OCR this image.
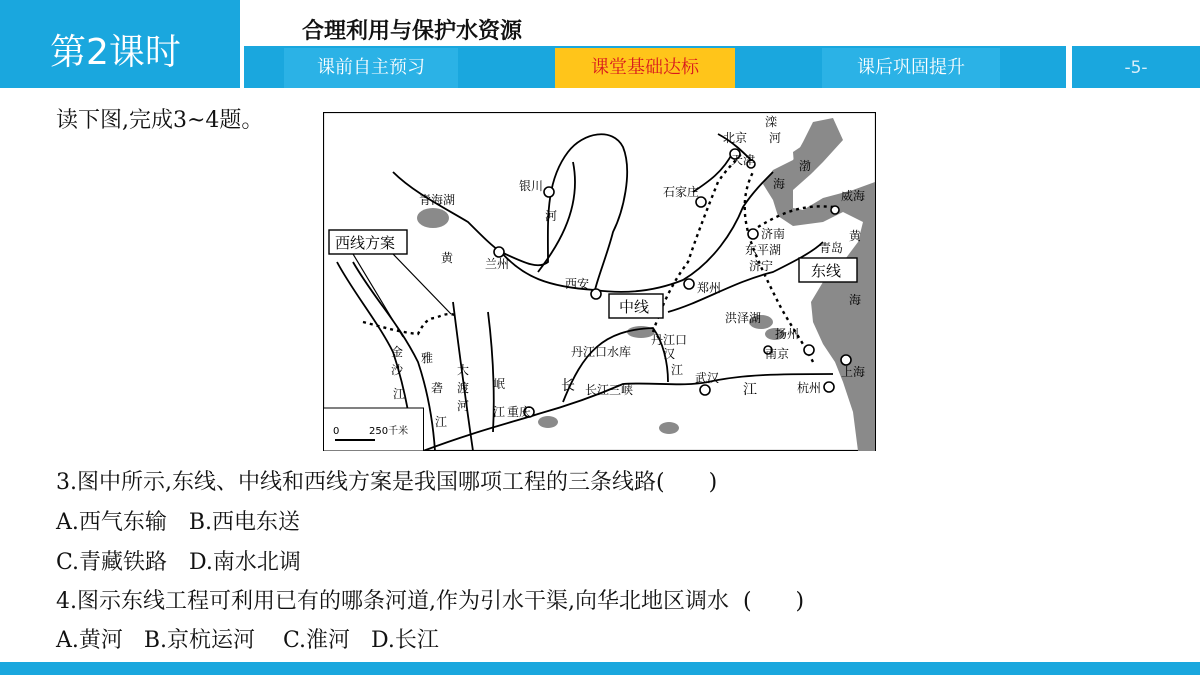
第2课时
合理利用与保护水资源
课前自主预习	课堂基础达标	课后巩固提升	-5-
读下图,完成3~4题。
北京
天津
滦
河
渤
海
石家庄	威海
济南
东平湖
济宁
青岛
黄
海
青海湖
银川
河
黄	兰州
西安	郑州
洪泽湖
扬州
南京
上海
杭州
丹江口水库
丹江口
汉
江
武汉
长	江
长江三峡
重庆
岷
江
大
渡
河
雅
砻
江
金
沙
江
0	250千米
西线方案
东线
中线
3.图中所示,东线、中线和西线方案是我国哪项工程的三条线路(　　)
A.西气东输　B.西电东送
C.青藏铁路　D.南水北调
4.图示东线工程可利用已有的哪条河道,作为引水干渠,向华北地区调水  (　　)
A.黄河   B.京杭运河    C.淮河   D.长江
